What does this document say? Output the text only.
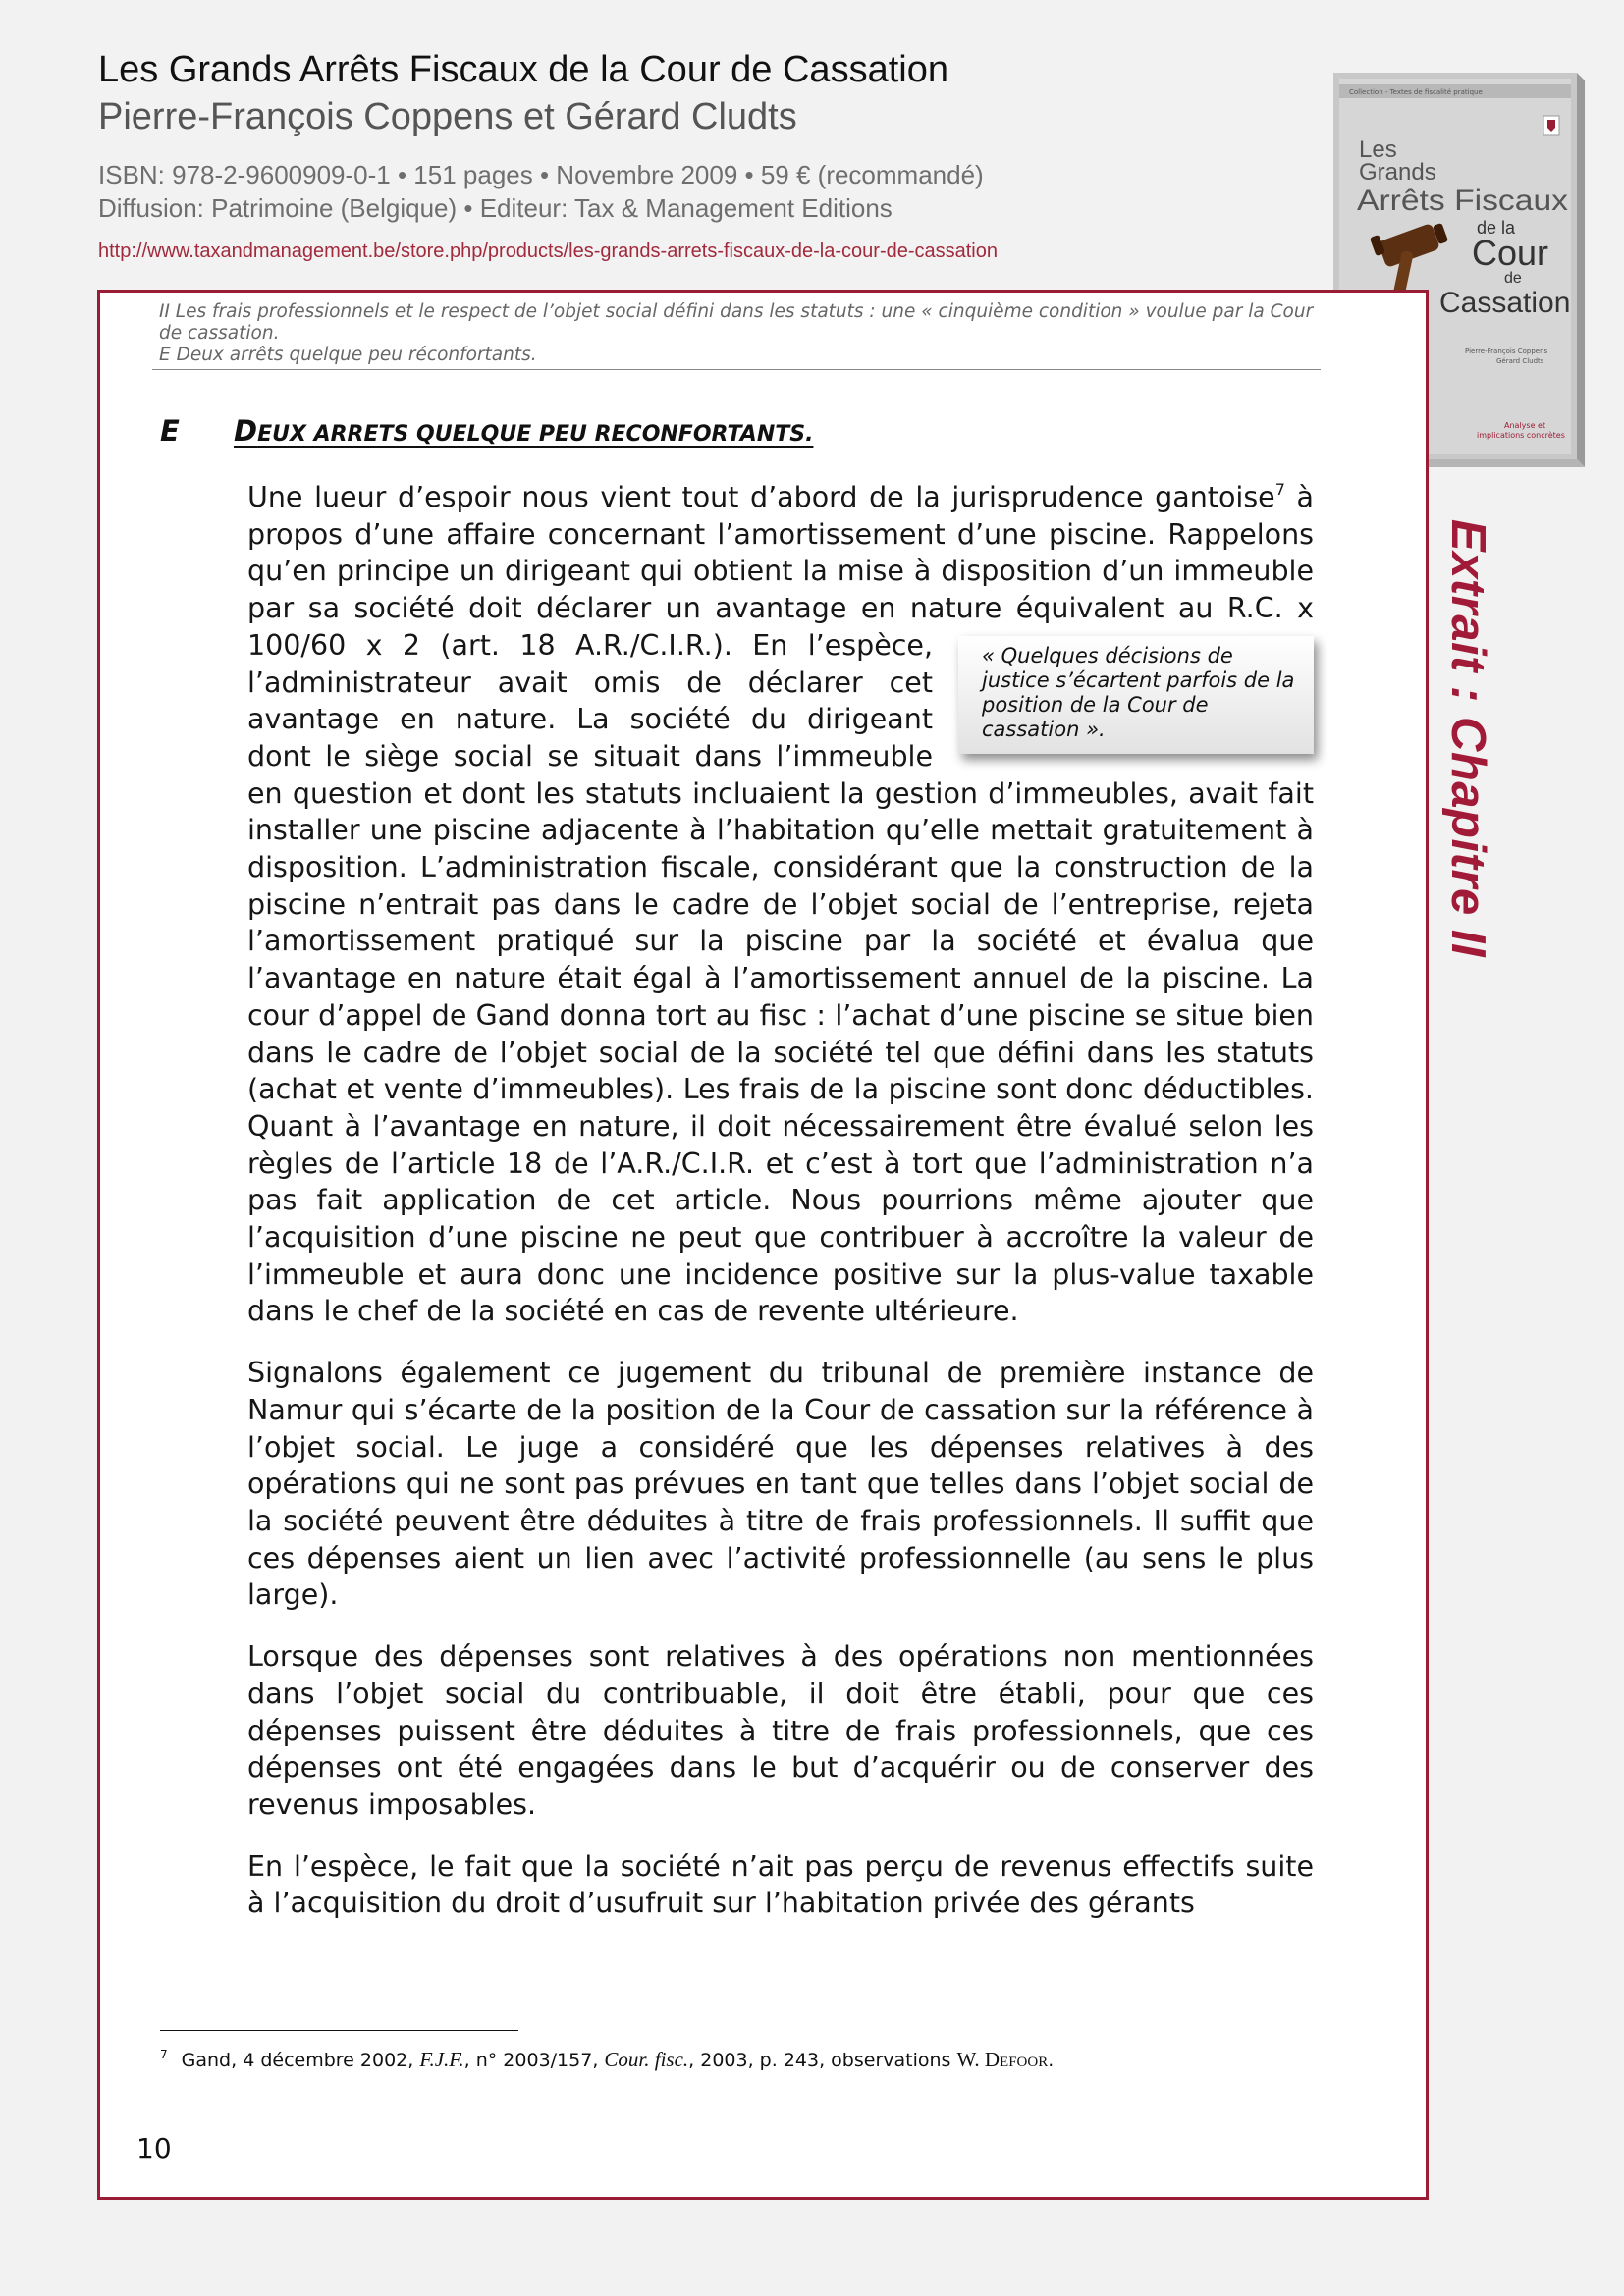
Les Grands Arrêts Fiscaux de la Cour de Cassation
Pierre-François Coppens et Gérard Cludts
ISBN: 978-2-9600909-0-1 • 151 pages • Novembre 2009 • 59 € (recommandé)
Diffusion: Patrimoine (Belgique) • Editeur: Tax & Management Editions
http://www.taxandmanagement.be/store.php/products/les-grands-arrets-fiscaux-de-la-cour-de-cassation
Collection - Textes de fiscalité pratique
Les
Grands
Arrêts Fiscaux
de la
Cour
de
Cassation
Pierre-François Coppens
Gérard Cludts
Analyse et
implications concrètes
II Les frais professionnels et le respect de l’objet social défini dans les statuts : une « cinquième condition » voulue par la Cour de cassation.
E Deux arrêts quelque peu réconfortants.
E DEUX ARRETS QUELQUE PEU RECONFORTANTS.

Une lueur d’espoir nous vient tout d’abord de la jurisprudence gantoise$^7$ à propos d’une affaire concernant l’amortissement d’une piscine. Rappelons qu’en principe un dirigeant qui obtient la mise à disposition d’un immeuble par sa société doit déclarer un avantage en nature équivalent au R.C. x 100/60 x 2 (art. 18 A.R./C.I.R.). En l’espèce,	« Quelques décisions de justice s’écartent parfois de la position de la Cour de cassation ».
l’administrateur avait omis de déclarer cet avantage en nature. La société du dirigeant dont le siège social se situait dans l’immeuble en question et dont les statuts incluaient la gestion d’immeubles, avait fait installer une piscine adjacente à l’habitation qu’elle mettait gratuitement à disposition. L’administration fiscale, considérant que la construction de la piscine n’entrait pas dans le cadre de l’objet social de l’entreprise, rejeta l’amortissement pratiqué sur la piscine par la société et évalua que l’avantage en nature était égal à l’amortissement annuel de la piscine. La cour d’appel de Gand donna tort au fisc : l’achat d’une piscine se situe bien dans le cadre de l’objet social de la société tel que défini dans les statuts (achat et vente d’immeubles). Les frais de la piscine sont donc déductibles. Quant à l’avantage en nature, il doit nécessairement être évalué selon les règles de l’article 18 de l’A.R./C.I.R. et c’est à tort que l’administration n’a pas fait application de cet article. Nous pourrions même ajouter que l’acquisition d’une piscine ne peut que contribuer à accroître la valeur de l’immeuble et aura donc une incidence positive sur la plus-value taxable dans le chef de la société en cas de revente ultérieure.

Signalons également ce jugement du tribunal de première instance de Namur qui s’écarte de la position de la Cour de cassation sur la référence à l’objet social. Le juge a considéré que les dépenses relatives à des opérations qui ne sont pas prévues en tant que telles dans l’objet social de la société peuvent être déduites à titre de frais professionnels. Il suffit que ces dépenses aient un lien avec l’activité professionnelle (au sens le plus large).

Lorsque des dépenses sont relatives à des opérations non mentionnées dans l’objet social du contribuable, il doit être établi, pour que ces dépenses puissent être déduites à titre de frais professionnels, que ces dépenses ont été engagées dans le but d’acquérir ou de conserver des revenus imposables.

En l’espèce, le fait que la société n’ait pas perçu de revenus effectifs suite à l’acquisition du droit d’usufruit sur l’habitation privée des gérants

$^7$ Gand, 4 décembre 2002, F.J.F., n° 2003/157, Cour. fisc., 2003, p. 243, observations W. DEFOOR.
10
Extrait : Chapitre II
